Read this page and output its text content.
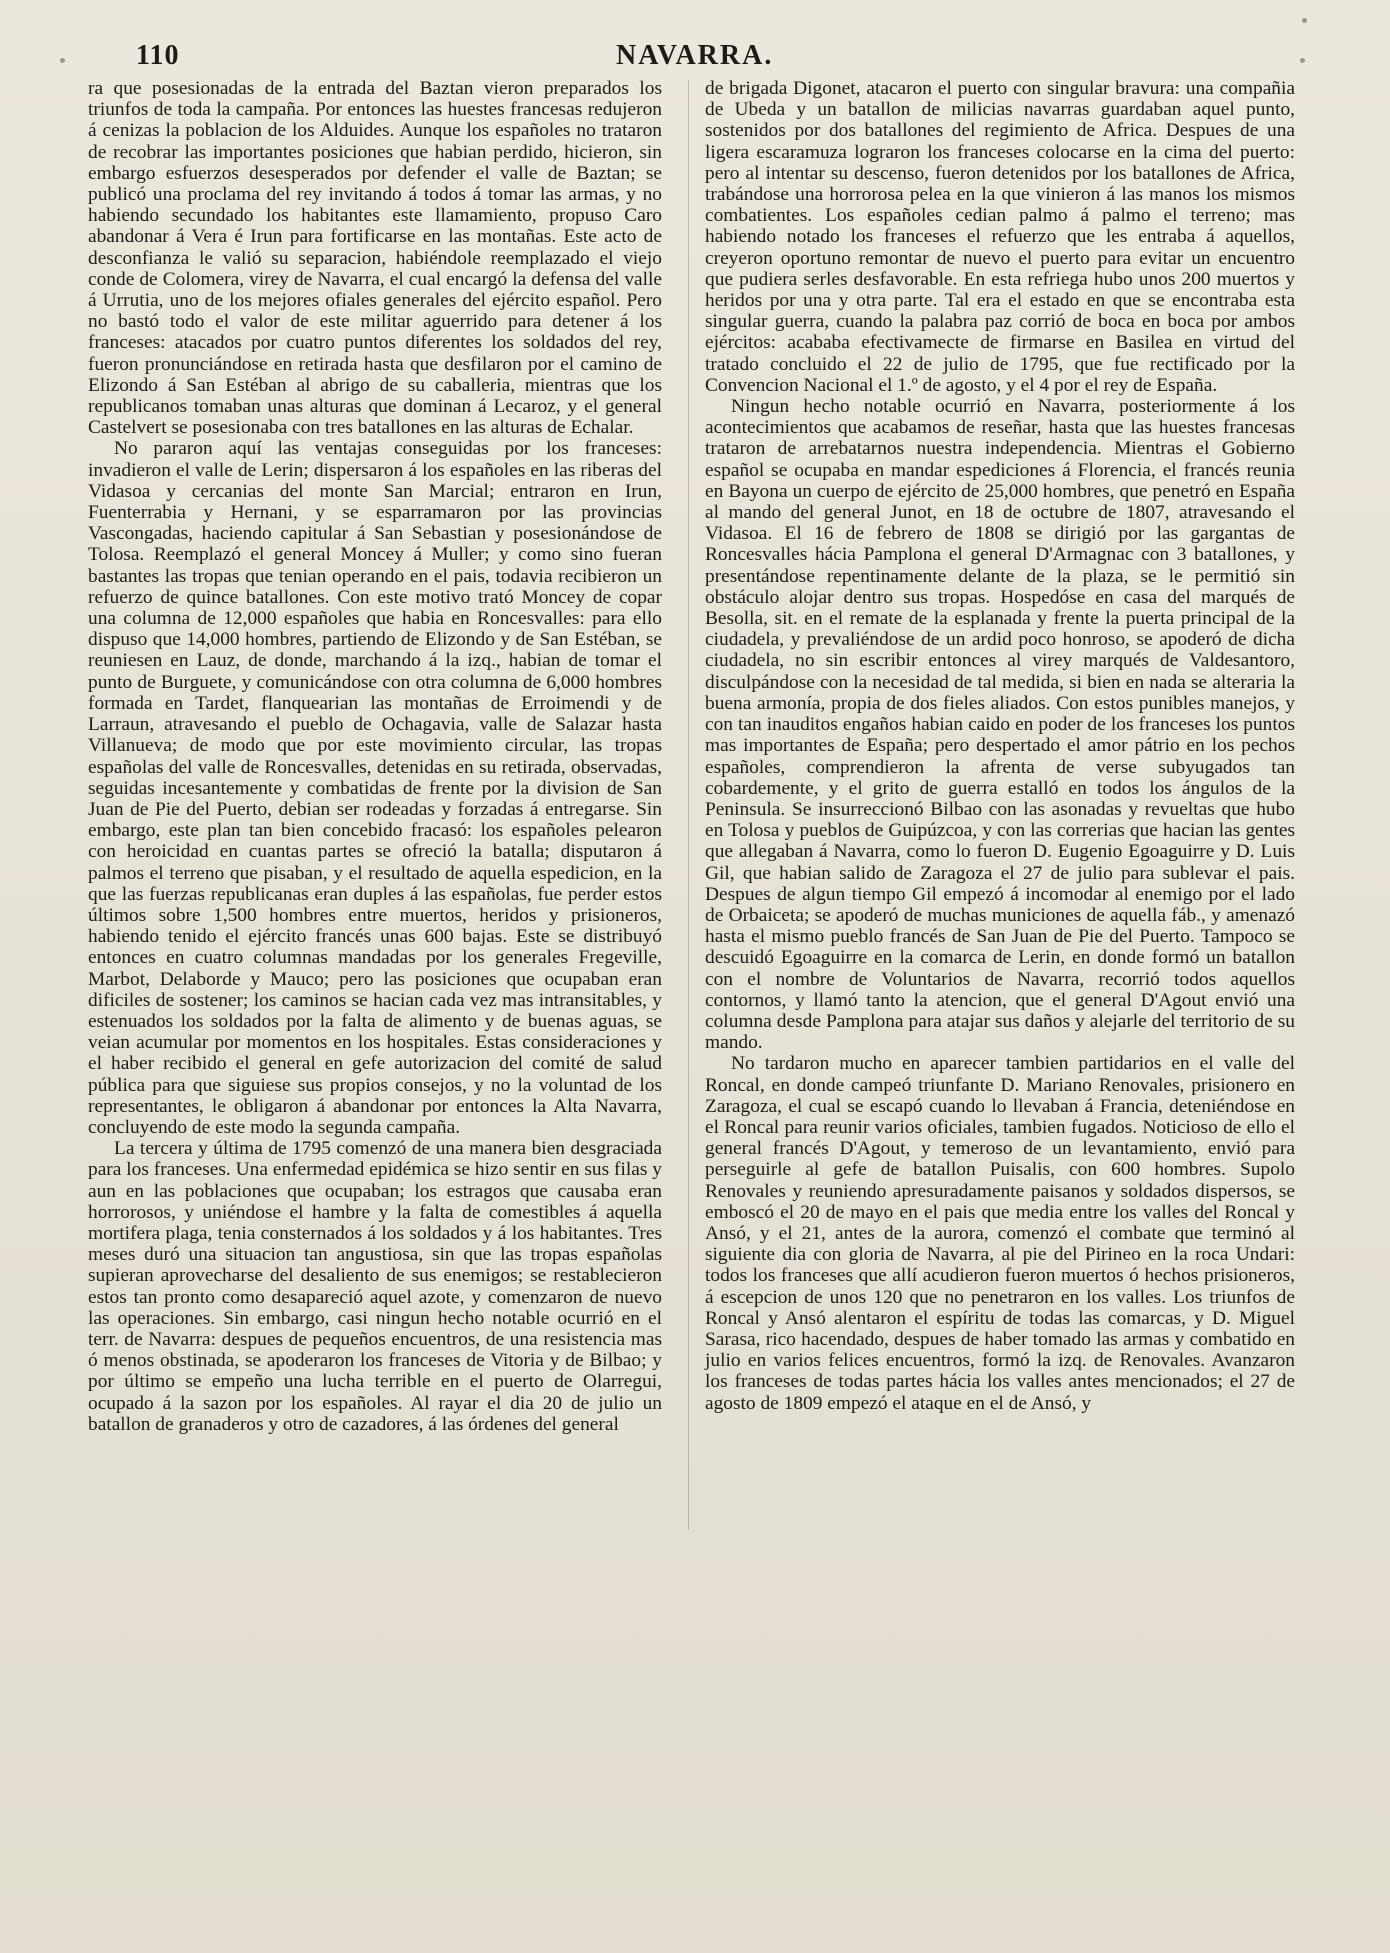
110	NAVARRA.

ra que posesionadas de la entrada del Baztan vieron preparados los triunfos de toda la campaña. Por entonces las huestes francesas redujeron á cenizas la poblacion de los Alduides. Aunque los españoles no trataron de recobrar las importantes posiciones que habian perdido, hicieron, sin embargo esfuerzos desesperados por defender el valle de Baztan; se publicó una proclama del rey invitando á todos á tomar las armas, y no habiendo secundado los habitantes este llamamiento, propuso Caro abandonar á Vera é Irun para fortificarse en las montañas. Este acto de desconfianza le valió su separacion, habiéndole reemplazado el viejo conde de Colomera, virey de Navarra, el cual encargó la defensa del valle á Urrutia, uno de los mejores ofiales generales del ejército español. Pero no bastó todo el valor de este militar aguerrido para detener á los franceses: atacados por cuatro puntos diferentes los soldados del rey, fueron pronunciándose en retirada hasta que desfilaron por el camino de Elizondo á San Estéban al abrigo de su caballeria, mientras que los republicanos tomaban unas alturas que dominan á Lecaroz, y el general Castelvert se posesionaba con tres batallones en las alturas de Echalar.

No pararon aquí las ventajas conseguidas por los franceses: invadieron el valle de Lerin; dispersaron á los españoles en las riberas del Vidasoa y cercanias del monte San Marcial; entraron en Irun, Fuenterrabia y Hernani, y se esparramaron por las provincias Vascongadas, haciendo capitular á San Sebastian y posesionándose de Tolosa. Reemplazó el general Moncey á Muller; y como sino fueran bastantes las tropas que tenian operando en el pais, todavia recibieron un refuerzo de quince batallones. Con este motivo trató Moncey de copar una columna de 12,000 españoles que habia en Roncesvalles: para ello dispuso que 14,000 hombres, partiendo de Elizondo y de San Estéban, se reuniesen en Lauz, de donde, marchando á la izq., habian de tomar el punto de Burguete, y comunicándose con otra columna de 6,000 hombres formada en Tardet, flanquearian las montañas de Erroimendi y de Larraun, atravesando el pueblo de Ochagavia, valle de Salazar hasta Villanueva; de modo que por este movimiento circular, las tropas españolas del valle de Roncesvalles, detenidas en su retirada, observadas, seguidas incesantemente y combatidas de frente por la division de San Juan de Pie del Puerto, debian ser rodeadas y forzadas á entregarse. Sin embargo, este plan tan bien concebido fracasó: los españoles pelearon con heroicidad en cuantas partes se ofreció la batalla; disputaron á palmos el terreno que pisaban, y el resultado de aquella espedicion, en la que las fuerzas republicanas eran duples á las españolas, fue perder estos últimos sobre 1,500 hombres entre muertos, heridos y prisioneros, habiendo tenido el ejército francés unas 600 bajas. Este se distribuyó entonces en cuatro columnas mandadas por los generales Fregeville, Marbot, Delaborde y Mauco; pero las posiciones que ocupaban eran dificiles de sostener; los caminos se hacian cada vez mas intransitables, y estenuados los soldados por la falta de alimento y de buenas aguas, se veian acumular por momentos en los hospitales. Estas consideraciones y el haber recibido el general en gefe autorizacion del comité de salud pública para que siguiese sus propios consejos, y no la voluntad de los representantes, le obligaron á abandonar por entonces la Alta Navarra, concluyendo de este modo la segunda campaña.

La tercera y última de 1795 comenzó de una manera bien desgraciada para los franceses. Una enfermedad epidémica se hizo sentir en sus filas y aun en las poblaciones que ocupaban; los estragos que causaba eran horrorosos, y uniéndose el hambre y la falta de comestibles á aquella mortifera plaga, tenia consternados á los soldados y á los habitantes. Tres meses duró una situacion tan angustiosa, sin que las tropas españolas supieran aprovecharse del desaliento de sus enemigos; se restablecieron estos tan pronto como desapareció aquel azote, y comenzaron de nuevo las operaciones. Sin embargo, casi ningun hecho notable ocurrió en el terr. de Navarra: despues de pequeños encuentros, de una resistencia mas ó menos obstinada, se apoderaron los franceses de Vitoria y de Bilbao; y por último se empeño una lucha terrible en el puerto de Olarregui, ocupado á la sazon por los españoles. Al rayar el dia 20 de julio un batallon de granaderos y otro de cazadores, á las órdenes del general

de brigada Digonet, atacaron el puerto con singular bravura: una compañia de Ubeda y un batallon de milicias navarras guardaban aquel punto, sostenidos por dos batallones del regimiento de Africa. Despues de una ligera escaramuza lograron los franceses colocarse en la cima del puerto: pero al intentar su descenso, fueron detenidos por los batallones de Africa, trabándose una horrorosa pelea en la que vinieron á las manos los mismos combatientes. Los españoles cedian palmo á palmo el terreno; mas habiendo notado los franceses el refuerzo que les entraba á aquellos, creyeron oportuno remontar de nuevo el puerto para evitar un encuentro que pudiera serles desfavorable. En esta refriega hubo unos 200 muertos y heridos por una y otra parte. Tal era el estado en que se encontraba esta singular guerra, cuando la palabra paz corrió de boca en boca por ambos ejércitos: acababa efectivamecte de firmarse en Basilea en virtud del tratado concluido el 22 de julio de 1795, que fue rectificado por la Convencion Nacional el 1.º de agosto, y el 4 por el rey de España.

Ningun hecho notable ocurrió en Navarra, posteriormente á los acontecimientos que acabamos de reseñar, hasta que las huestes francesas trataron de arrebatarnos nuestra independencia. Mientras el Gobierno español se ocupaba en mandar espediciones á Florencia, el francés reunia en Bayona un cuerpo de ejército de 25,000 hombres, que penetró en España al mando del general Junot, en 18 de octubre de 1807, atravesando el Vidasoa. El 16 de febrero de 1808 se dirigió por las gargantas de Roncesvalles hácia Pamplona el general D'Armagnac con 3 batallones, y presentándose repentinamente delante de la plaza, se le permitió sin obstáculo alojar dentro sus tropas. Hospedóse en casa del marqués de Besolla, sit. en el remate de la esplanada y frente la puerta principal de la ciudadela, y prevaliéndose de un ardid poco honroso, se apoderó de dicha ciudadela, no sin escribir entonces al virey marqués de Valdesantoro, disculpándose con la necesidad de tal medida, si bien en nada se alteraria la buena armonía, propia de dos fieles aliados. Con estos punibles manejos, y con tan inauditos engaños habian caido en poder de los franceses los puntos mas importantes de España; pero despertado el amor pátrio en los pechos españoles, comprendieron la afrenta de verse subyugados tan cobardemente, y el grito de guerra estalló en todos los ángulos de la Peninsula. Se insurreccionó Bilbao con las asonadas y revueltas que hubo en Tolosa y pueblos de Guipúzcoa, y con las correrias que hacian las gentes que allegaban á Navarra, como lo fueron D. Eugenio Egoaguirre y D. Luis Gil, que habian salido de Zaragoza el 27 de julio para sublevar el pais. Despues de algun tiempo Gil empezó á incomodar al enemigo por el lado de Orbaiceta; se apoderó de muchas municiones de aquella fáb., y amenazó hasta el mismo pueblo francés de San Juan de Pie del Puerto. Tampoco se descuidó Egoaguirre en la comarca de Lerin, en donde formó un batallon con el nombre de Voluntarios de Navarra, recorrió todos aquellos contornos, y llamó tanto la atencion, que el general D'Agout envió una columna desde Pamplona para atajar sus daños y alejarle del territorio de su mando.

No tardaron mucho en aparecer tambien partidarios en el valle del Roncal, en donde campeó triunfante D. Mariano Renovales, prisionero en Zaragoza, el cual se escapó cuando lo llevaban á Francia, deteniéndose en el Roncal para reunir varios oficiales, tambien fugados. Noticioso de ello el general francés D'Agout, y temeroso de un levantamiento, envió para perseguirle al gefe de batallon Puisalis, con 600 hombres. Supolo Renovales y reuniendo apresuradamente paisanos y soldados dispersos, se emboscó el 20 de mayo en el pais que media entre los valles del Roncal y Ansó, y el 21, antes de la aurora, comenzó el combate que terminó al siguiente dia con gloria de Navarra, al pie del Pirineo en la roca Undari: todos los franceses que allí acudieron fueron muertos ó hechos prisioneros, á escepcion de unos 120 que no penetraron en los valles. Los triunfos de Roncal y Ansó alentaron el espíritu de todas las comarcas, y D. Miguel Sarasa, rico hacendado, despues de haber tomado las armas y combatido en julio en varios felices encuentros, formó la izq. de Renovales. Avanzaron los franceses de todas partes hácia los valles antes mencionados; el 27 de agosto de 1809 empezó el ataque en el de Ansó, y
